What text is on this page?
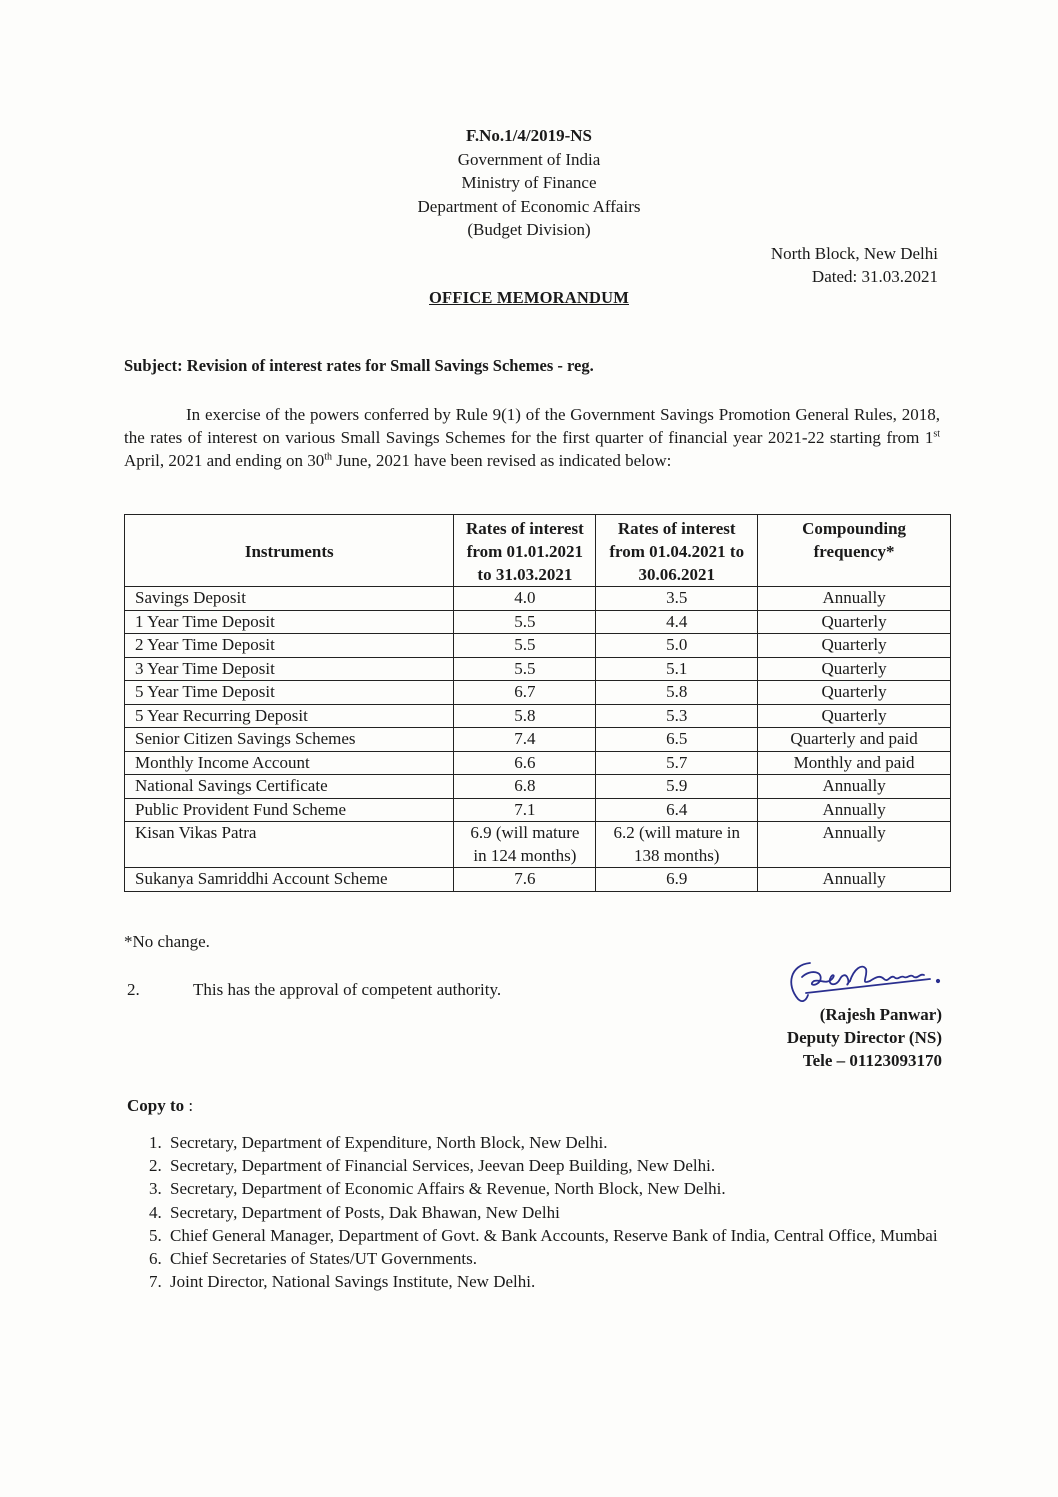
F.No.1/4/2019-NS
Government of India
Ministry of Finance
Department of Economic Affairs
(Budget Division)
North Block, New Delhi
Dated: 31.03.2021
OFFICE MEMORANDUM
Subject: Revision of interest rates for Small Savings Schemes - reg.
In exercise of the powers conferred by Rule 9(1) of the Government Savings Promotion General Rules, 2018, the rates of interest on various Small Savings Schemes for the first quarter of financial year 2021-22 starting from 1st April, 2021 and ending on 30th June, 2021 have been revised as indicated below:
Instruments	Rates of interest from 01.01.2021 to 31.03.2021	Rates of interest from 01.04.2021 to 30.06.2021	Compounding frequency*
Savings Deposit	4.0	3.5	Annually
1 Year Time Deposit	5.5	4.4	Quarterly
2 Year Time Deposit	5.5	5.0	Quarterly
3 Year Time Deposit	5.5	5.1	Quarterly
5 Year Time Deposit	6.7	5.8	Quarterly
5 Year Recurring Deposit	5.8	5.3	Quarterly
Senior Citizen Savings Schemes	7.4	6.5	Quarterly and paid
Monthly Income Account	6.6	5.7	Monthly and paid
National Savings Certificate	6.8	5.9	Annually
Public Provident Fund Scheme	7.1	6.4	Annually
Kisan Vikas Patra	6.9 (will mature in 124 months)	6.2 (will mature in 138 months)	Annually
Sukanya Samriddhi Account Scheme	7.6	6.9	Annually
*No change.
2.	This has the approval of competent authority.
(Rajesh Panwar)
Deputy Director (NS)
Tele – 01123093170
Copy to :
1. Secretary, Department of Expenditure, North Block, New Delhi.
2. Secretary, Department of Financial Services, Jeevan Deep Building, New Delhi.
3. Secretary, Department of Economic Affairs & Revenue, North Block, New Delhi.
4. Secretary, Department of Posts, Dak Bhawan, New Delhi
5. Chief General Manager, Department of Govt. & Bank Accounts, Reserve Bank of India, Central Office, Mumbai
6. Chief Secretaries of States/UT Governments.
7. Joint Director, National Savings Institute, New Delhi.
